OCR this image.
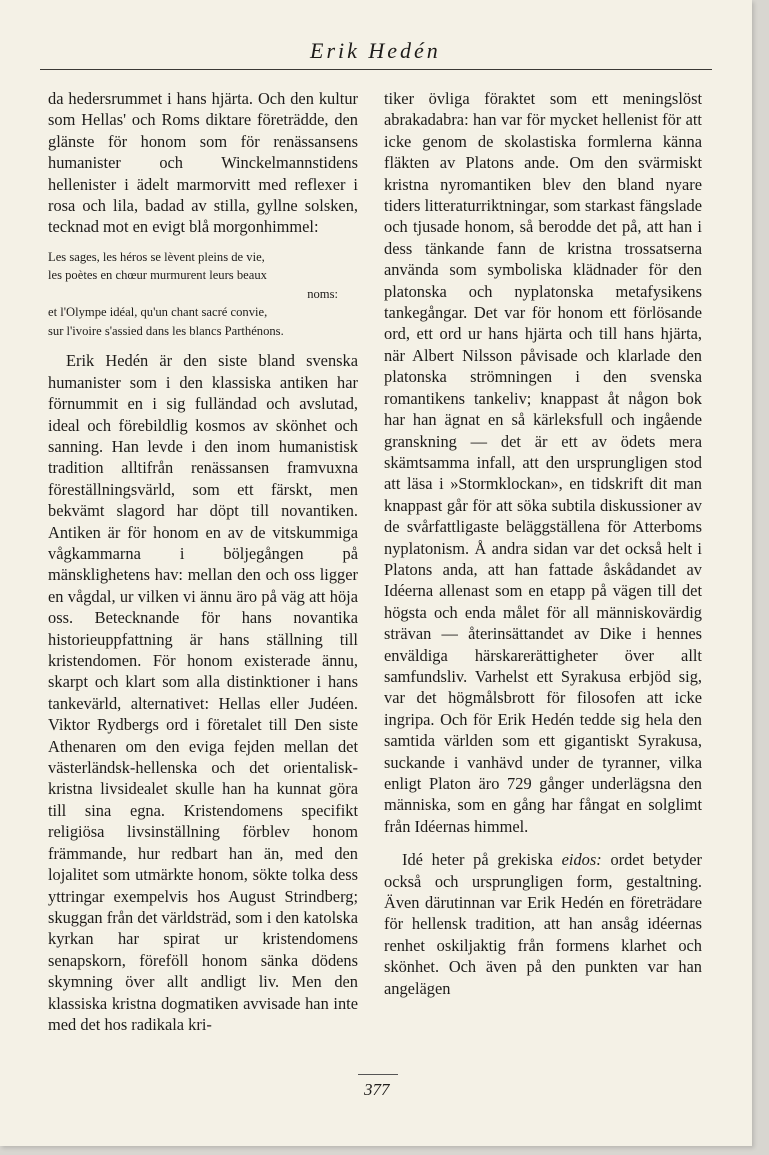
Erik Hedén

da hedersrummet i hans hjärta. Och den kultur som Hellas' och Roms diktare företrädde, den glänste för honom som för renässansens humanister och Winckelmannstidens hellenister i ädelt marmorvitt med reflexer i rosa och lila, badad av stilla, gyllne solsken, tecknad mot en evigt blå morgonhimmel:

Les sages, les héros se lèvent pleins de vie,
les poètes en chœur murmurent leurs beaux
noms:
et l'Olympe idéal, qu'un chant sacré convie,
sur l'ivoire s'assied dans les blancs Parthénons.

Erik Hedén är den siste bland svenska humanister som i den klassiska antiken har förnummit en i sig fulländad och avslutad, ideal och förebildlig kosmos av skönhet och sanning. Han levde i den inom humanistisk tradition alltifrån renässansen framvuxna föreställningsvärld, som ett färskt, men bekvämt slagord har döpt till novantiken. Antiken är för honom en av de vitskummiga vågkammarna i böljegången på mänsklighetens hav: mellan den och oss ligger en vågdal, ur vilken vi ännu äro på väg att höja oss. Betecknande för hans novantika historieuppfattning är hans ställning till kristendomen. För honom existerade ännu, skarpt och klart som alla distinktioner i hans tankevärld, alternativet: Hellas eller Judéen. Viktor Rydbergs ord i företalet till Den siste Athenaren om den eviga fejden mellan det västerländsk-hellenska och det orientalisk-kristna livsidealet skulle han ha kunnat göra till sina egna. Kristendomens specifikt religiösa livsinställning förblev honom främmande, hur redbart han än, med den lojalitet som utmärkte honom, sökte tolka dess yttringar exempelvis hos August Strindberg; skuggan från det världsträd, som i den katolska kyrkan har spirat ur kristendomens senapskorn, föreföll honom sänka dödens skymning över allt andligt liv. Men den klassiska kristna dogmatiken avvisade han inte med det hos radikala kri-

tiker övliga föraktet som ett meningslöst abrakadabra: han var för mycket hellenist för att icke genom de skolastiska formlerna känna fläkten av Platons ande. Om den svärmiskt kristna nyromantiken blev den bland nyare tiders litteraturriktningar, som starkast fängslade och tjusade honom, så berodde det på, att han i dess tänkande fann de kristna trossatserna använda som symboliska klädnader för den platonska och nyplatonska metafysikens tankegångar. Det var för honom ett förlösande ord, ett ord ur hans hjärta och till hans hjärta, när Albert Nilsson påvisade och klarlade den platonska strömningen i den svenska romantikens tankeliv; knappast åt någon bok har han ägnat en så kärleksfull och ingående granskning — det är ett av ödets mera skämtsamma infall, att den ursprungligen stod att läsa i »Stormklockan», en tidskrift dit man knappast går för att söka subtila diskussioner av de svårfattligaste beläggställena för Atterboms nyplatonism. Å andra sidan var det också helt i Platons anda, att han fattade åskådandet av Idéerna allenast som en etapp på vägen till det högsta och enda målet för all människovärdig strävan — återinsättandet av Dike i hennes enväldiga härskarerättigheter över allt samfundsliv. Varhelst ett Syrakusa erbjöd sig, var det högmålsbrott för filosofen att icke ingripa. Och för Erik Hedén tedde sig hela den samtida världen som ett gigantiskt Syrakusa, suckande i vanhävd under de tyranner, vilka enligt Platon äro 729 gånger underlägsna den människa, som en gång har fångat en solglimt från Idéernas himmel.

Idé heter på grekiska eidos: ordet betyder också och ursprungligen form, gestaltning. Även därutinnan var Erik Hedén en företrädare för hellensk tradition, att han ansåg idéernas renhet oskiljaktig från formens klarhet och skönhet. Och även på den punkten var han angelägen

377
